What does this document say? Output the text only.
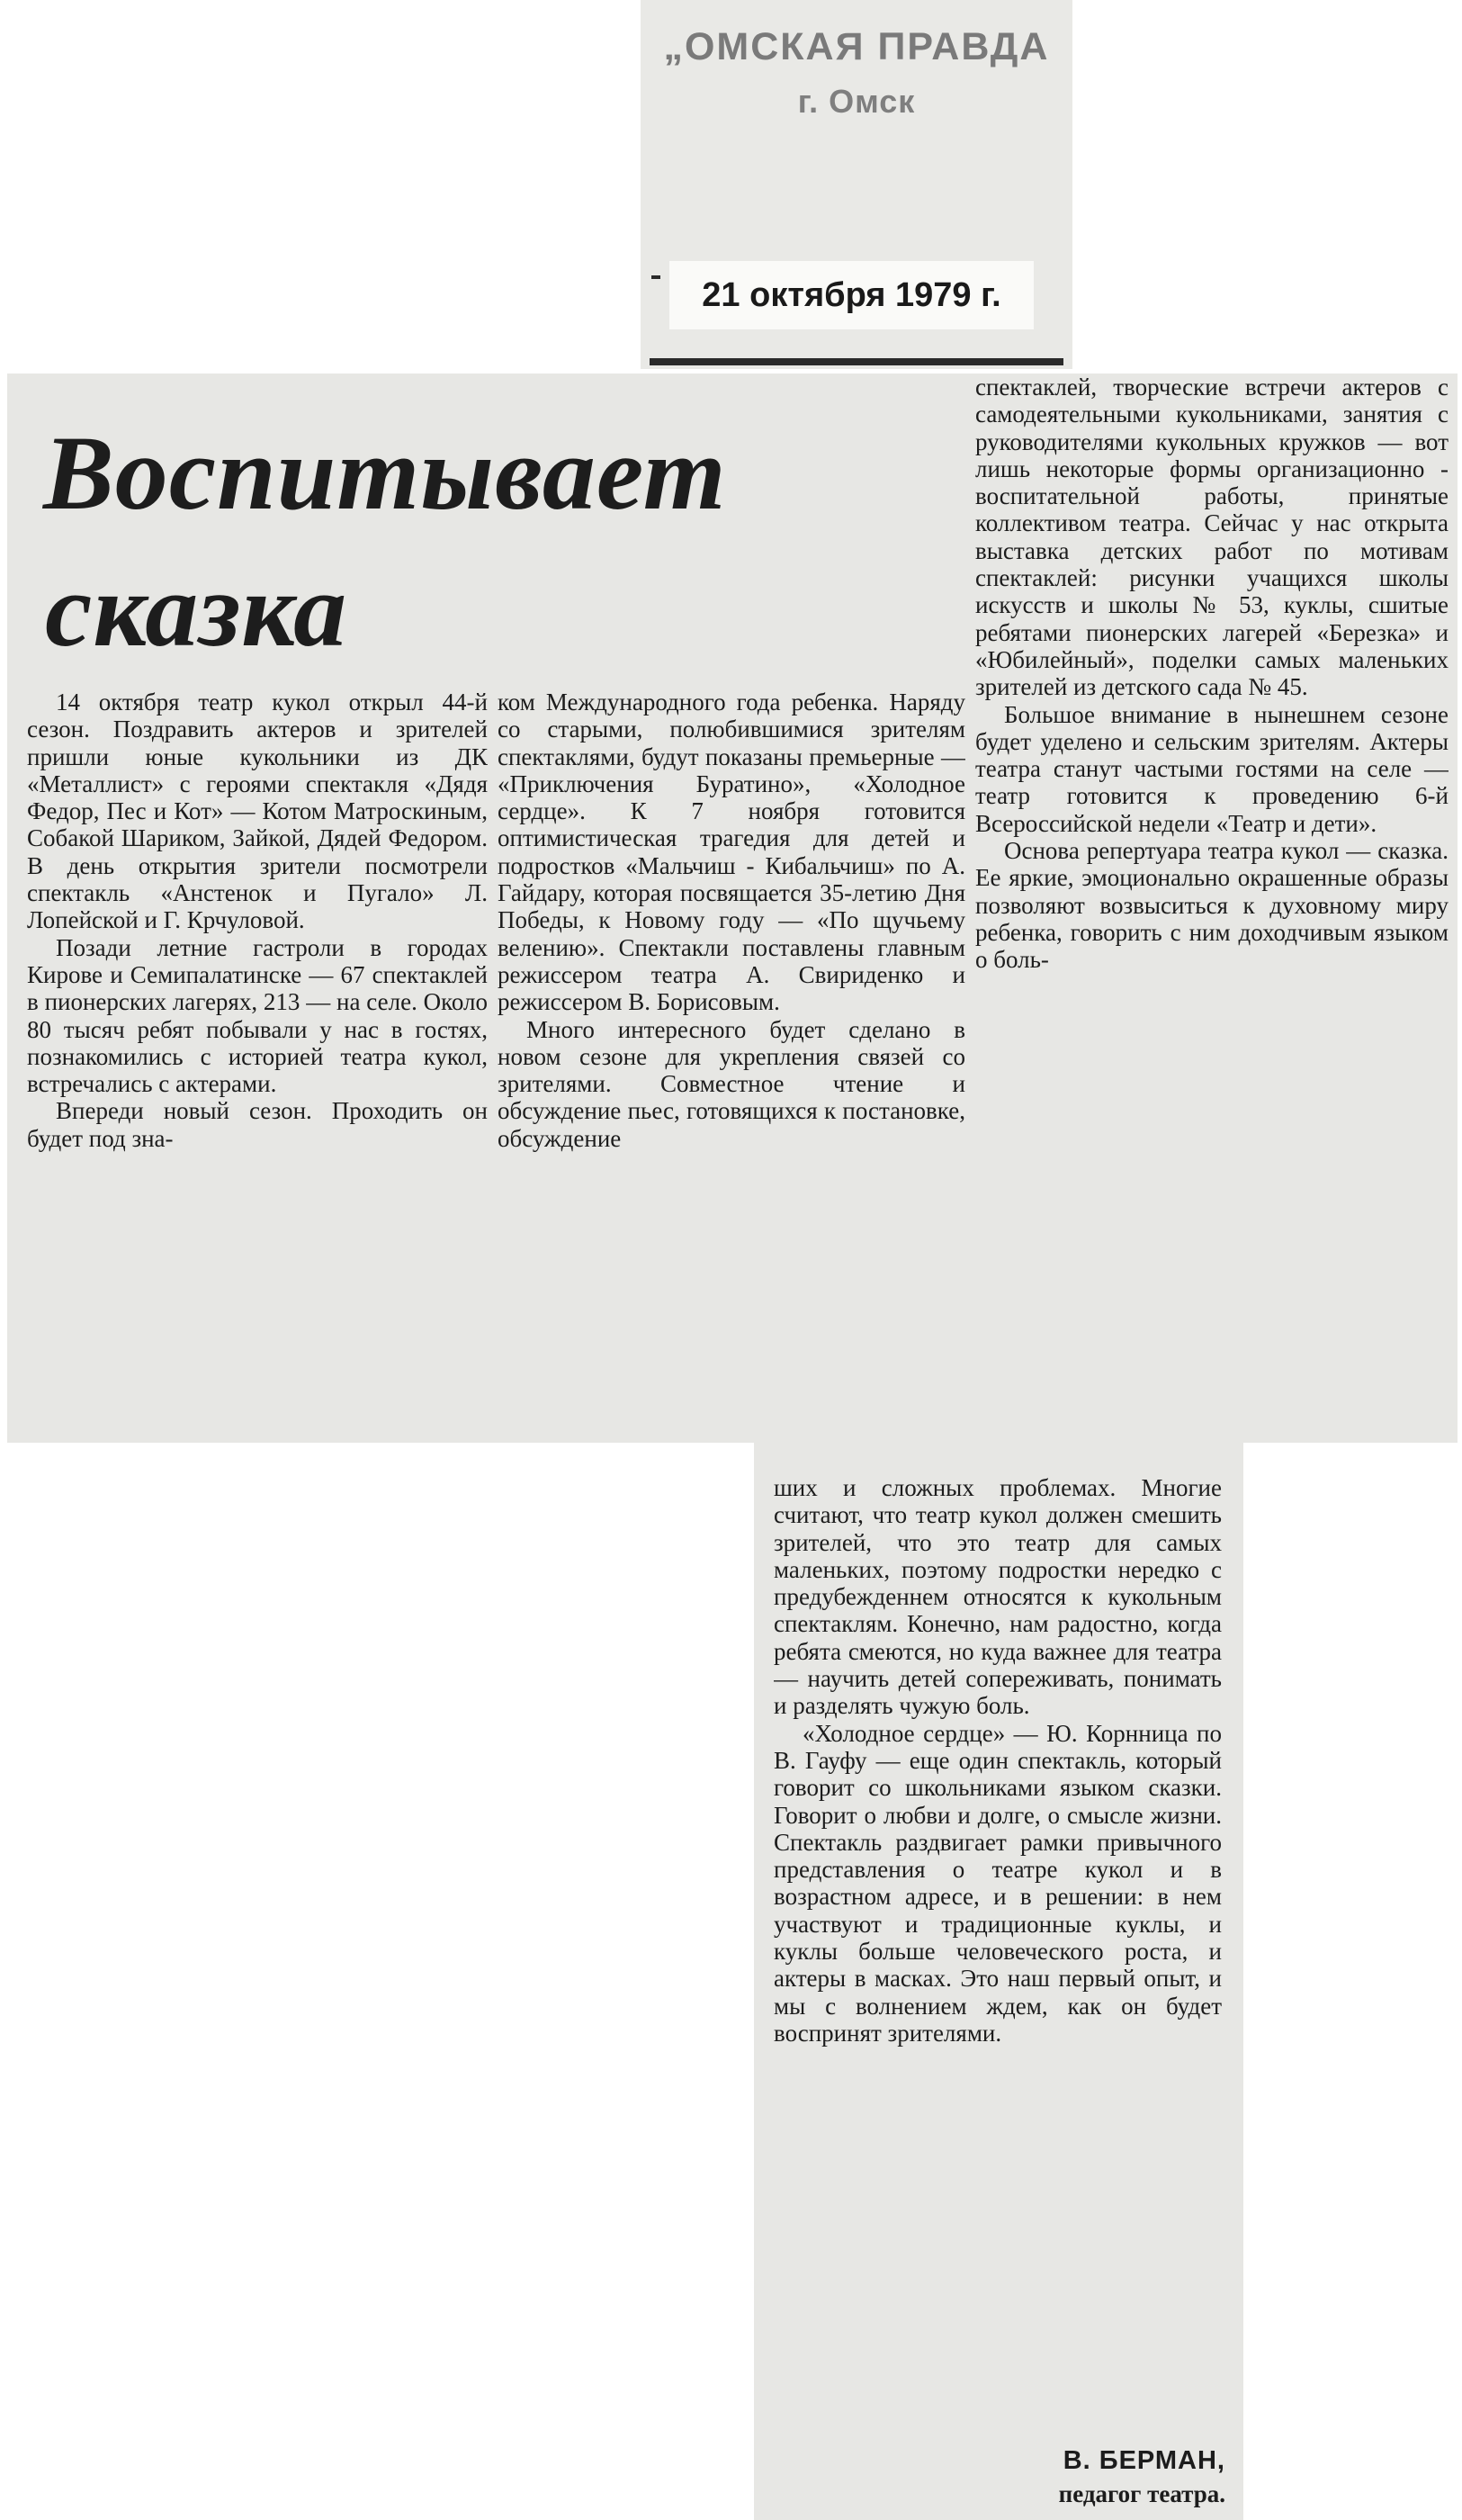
„ОМСКАЯ ПРАВДА
г. Омск
21 октября 1979 г.
Воспитывает
сказка

14 октября театр кукол открыл 44-й сезон. Поздравить актеров и зрителей пришли юные кукольники из ДК «Металлист» с героями спектакля «Дядя Федор, Пес и Кот» — Котом Матроскиным, Собакой Шариком, Зайкой, Дядей Федором. В день открытия зрители посмотрели спектакль «Анстенок и Пугало» Л. Лопейской и Г. Крчуловой.

Позади летние гастроли в городах Кирове и Семипалатинске — 67 спектаклей в пионерских лагерях, 213 — на селе. Около 80 тысяч ребят побывали у нас в гостях, познакомились с историей театра кукол, встречались с актерами.

Впереди новый сезон. Проходить он будет под зна-

ком Международного года ребенка. Наряду со старыми, полюбившимися зрителям спектаклями, будут показаны премьерные — «Приключения Буратино», «Холодное сердце». К 7 ноября готовится оптимистическая трагедия для детей и подростков «Мальчиш - Кибальчиш» по А. Гайдару, которая посвящается 35-летию Дня Победы, к Новому году — «По щучьему велению». Спектакли поставлены главным режиссером театра А. Свириденко и режиссером В. Борисовым.

Много интересного будет сделано в новом сезоне для укрепления связей со зрителями. Совместное чтение и обсуждение пьес, готовящихся к постановке, обсуждение

спектаклей, творческие встречи актеров с самодеятельными кукольниками, занятия с руководителями кукольных кружков — вот лишь некоторые формы организационно - воспитательной работы, принятые коллективом театра. Сейчас у нас открыта выставка детских работ по мотивам спектаклей: рисунки учащихся школы искусств и школы № 53, куклы, сшитые ребятами пионерских лагерей «Березка» и «Юбилейный», поделки самых маленьких зрителей из детского сада № 45.

Большое внимание в нынешнем сезоне будет уделено и сельским зрителям. Актеры театра станут частыми гостями на селе — театр готовится к проведению 6-й Всероссийской недели «Театр и дети».

Основа репертуара театра кукол — сказка. Ее яркие, эмоционально окрашенные образы позволяют возвыситься к духовному миру ребенка, говорить с ним доходчивым языком о боль-

ших и сложных проблемах. Многие считают, что театр кукол должен смешить зрителей, что это театр для самых маленьких, поэтому подростки нередко с предубежденнем относятся к кукольным спектаклям. Конечно, нам радостно, когда ребята смеются, но куда важнее для театра — научить детей сопереживать, понимать и разделять чужую боль.

«Холодное сердце» — Ю. Корнница по В. Гауфу — еще один спектакль, который говорит со школьниками языком сказки. Говорит о любви и долге, о смысле жизни. Спектакль раздвигает рамки привычного представления о театре кукол и в возрастном адресе, и в решении: в нем участвуют и традиционные куклы, и куклы больше человеческого роста, и актеры в масках. Это наш первый опыт, и мы с волнением ждем, как он будет воспринят зрителями.

В. БЕРМАН,
педагог театра.
